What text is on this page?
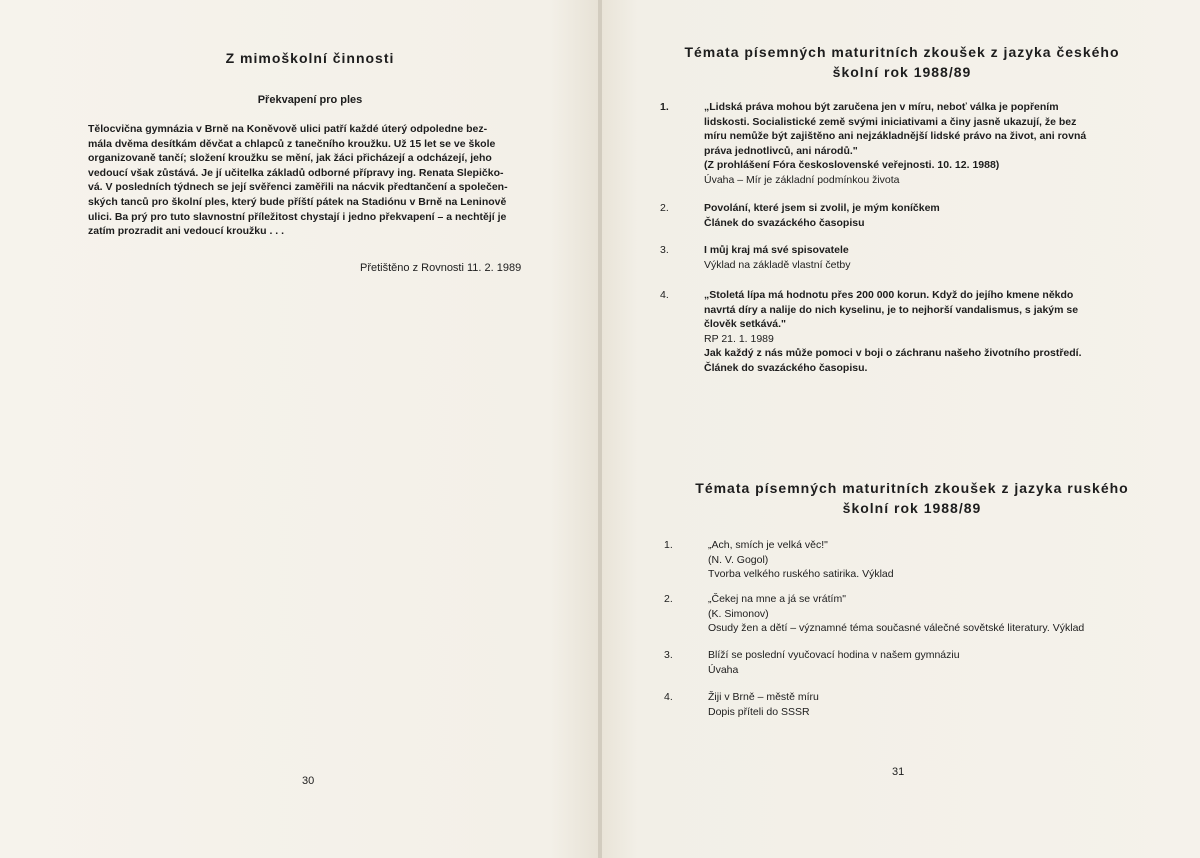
Z mimoškolní činnosti
Překvapení pro ples
Tělocvična gymnázia v Brně na Koněvově ulici patří každé úterý odpoledne bez-
mála dvěma desítkám děvčat a chlapců z tanečního kroužku. Už 15 let se ve škole
organizovaně tančí; složení kroužku se mění, jak žáci přicházejí a odcházejí, jeho
vedoucí však zůstává. Je jí učitelka základů odborné přípravy ing. Renata Slepičko-
vá. V posledních týdnech se její svěřenci zaměřili na nácvik předtančení a společen-
ských tanců pro školní ples, který bude příští pátek na Stadiónu v Brně na Leninově
ulici. Ba prý pro tuto slavnostní příležitost chystají i jedno překvapení – a nechtějí je
zatím prozradit ani vedoucí kroužku . . .
Přetištěno z Rovnosti 11. 2. 1989
30
Témata písemných maturitních zkoušek z jazyka českého
školní rok 1988/89
1.	„Lidská práva mohou být zaručena jen v míru, neboť válka je popřením
lidskosti. Socialistické země svými iniciativami a činy jasně ukazují, že bez
míru nemůže být zajištěno ani nejzákladnější lidské právo na život, ani rovná
práva jednotlivců, ani národů."
(Z prohlášení Fóra československé veřejnosti. 10. 12. 1988)
Úvaha – Mír je základní podmínkou života
2.	Povolání, které jsem si zvolil, je mým koníčkem
Článek do svazáckého časopisu
3.	I můj kraj má své spisovatele
Výklad na základě vlastní četby
4.	„Stoletá lípa má hodnotu přes 200 000 korun. Když do jejího kmene někdo
navrtá díry a nalije do nich kyselinu, je to nejhorší vandalismus, s jakým se
člověk setkává."
RP 21. 1. 1989
Jak každý z nás může pomoci v boji o záchranu našeho životního prostředí.
Článek do svazáckého časopisu.
Témata písemných maturitních zkoušek z jazyka ruského
školní rok 1988/89
1.	„Ach, smích je velká věc!"
(N. V. Gogol)
Tvorba velkého ruského satirika. Výklad
2.	„Čekej na mne a já se vrátím"
(K. Simonov)
Osudy žen a dětí – významné téma současné válečné sovětské literatury. Výklad
3.	Blíží se poslední vyučovací hodina v našem gymnáziu
Úvaha
4.	Žiji v Brně – městě míru
Dopis příteli do SSSR
31
